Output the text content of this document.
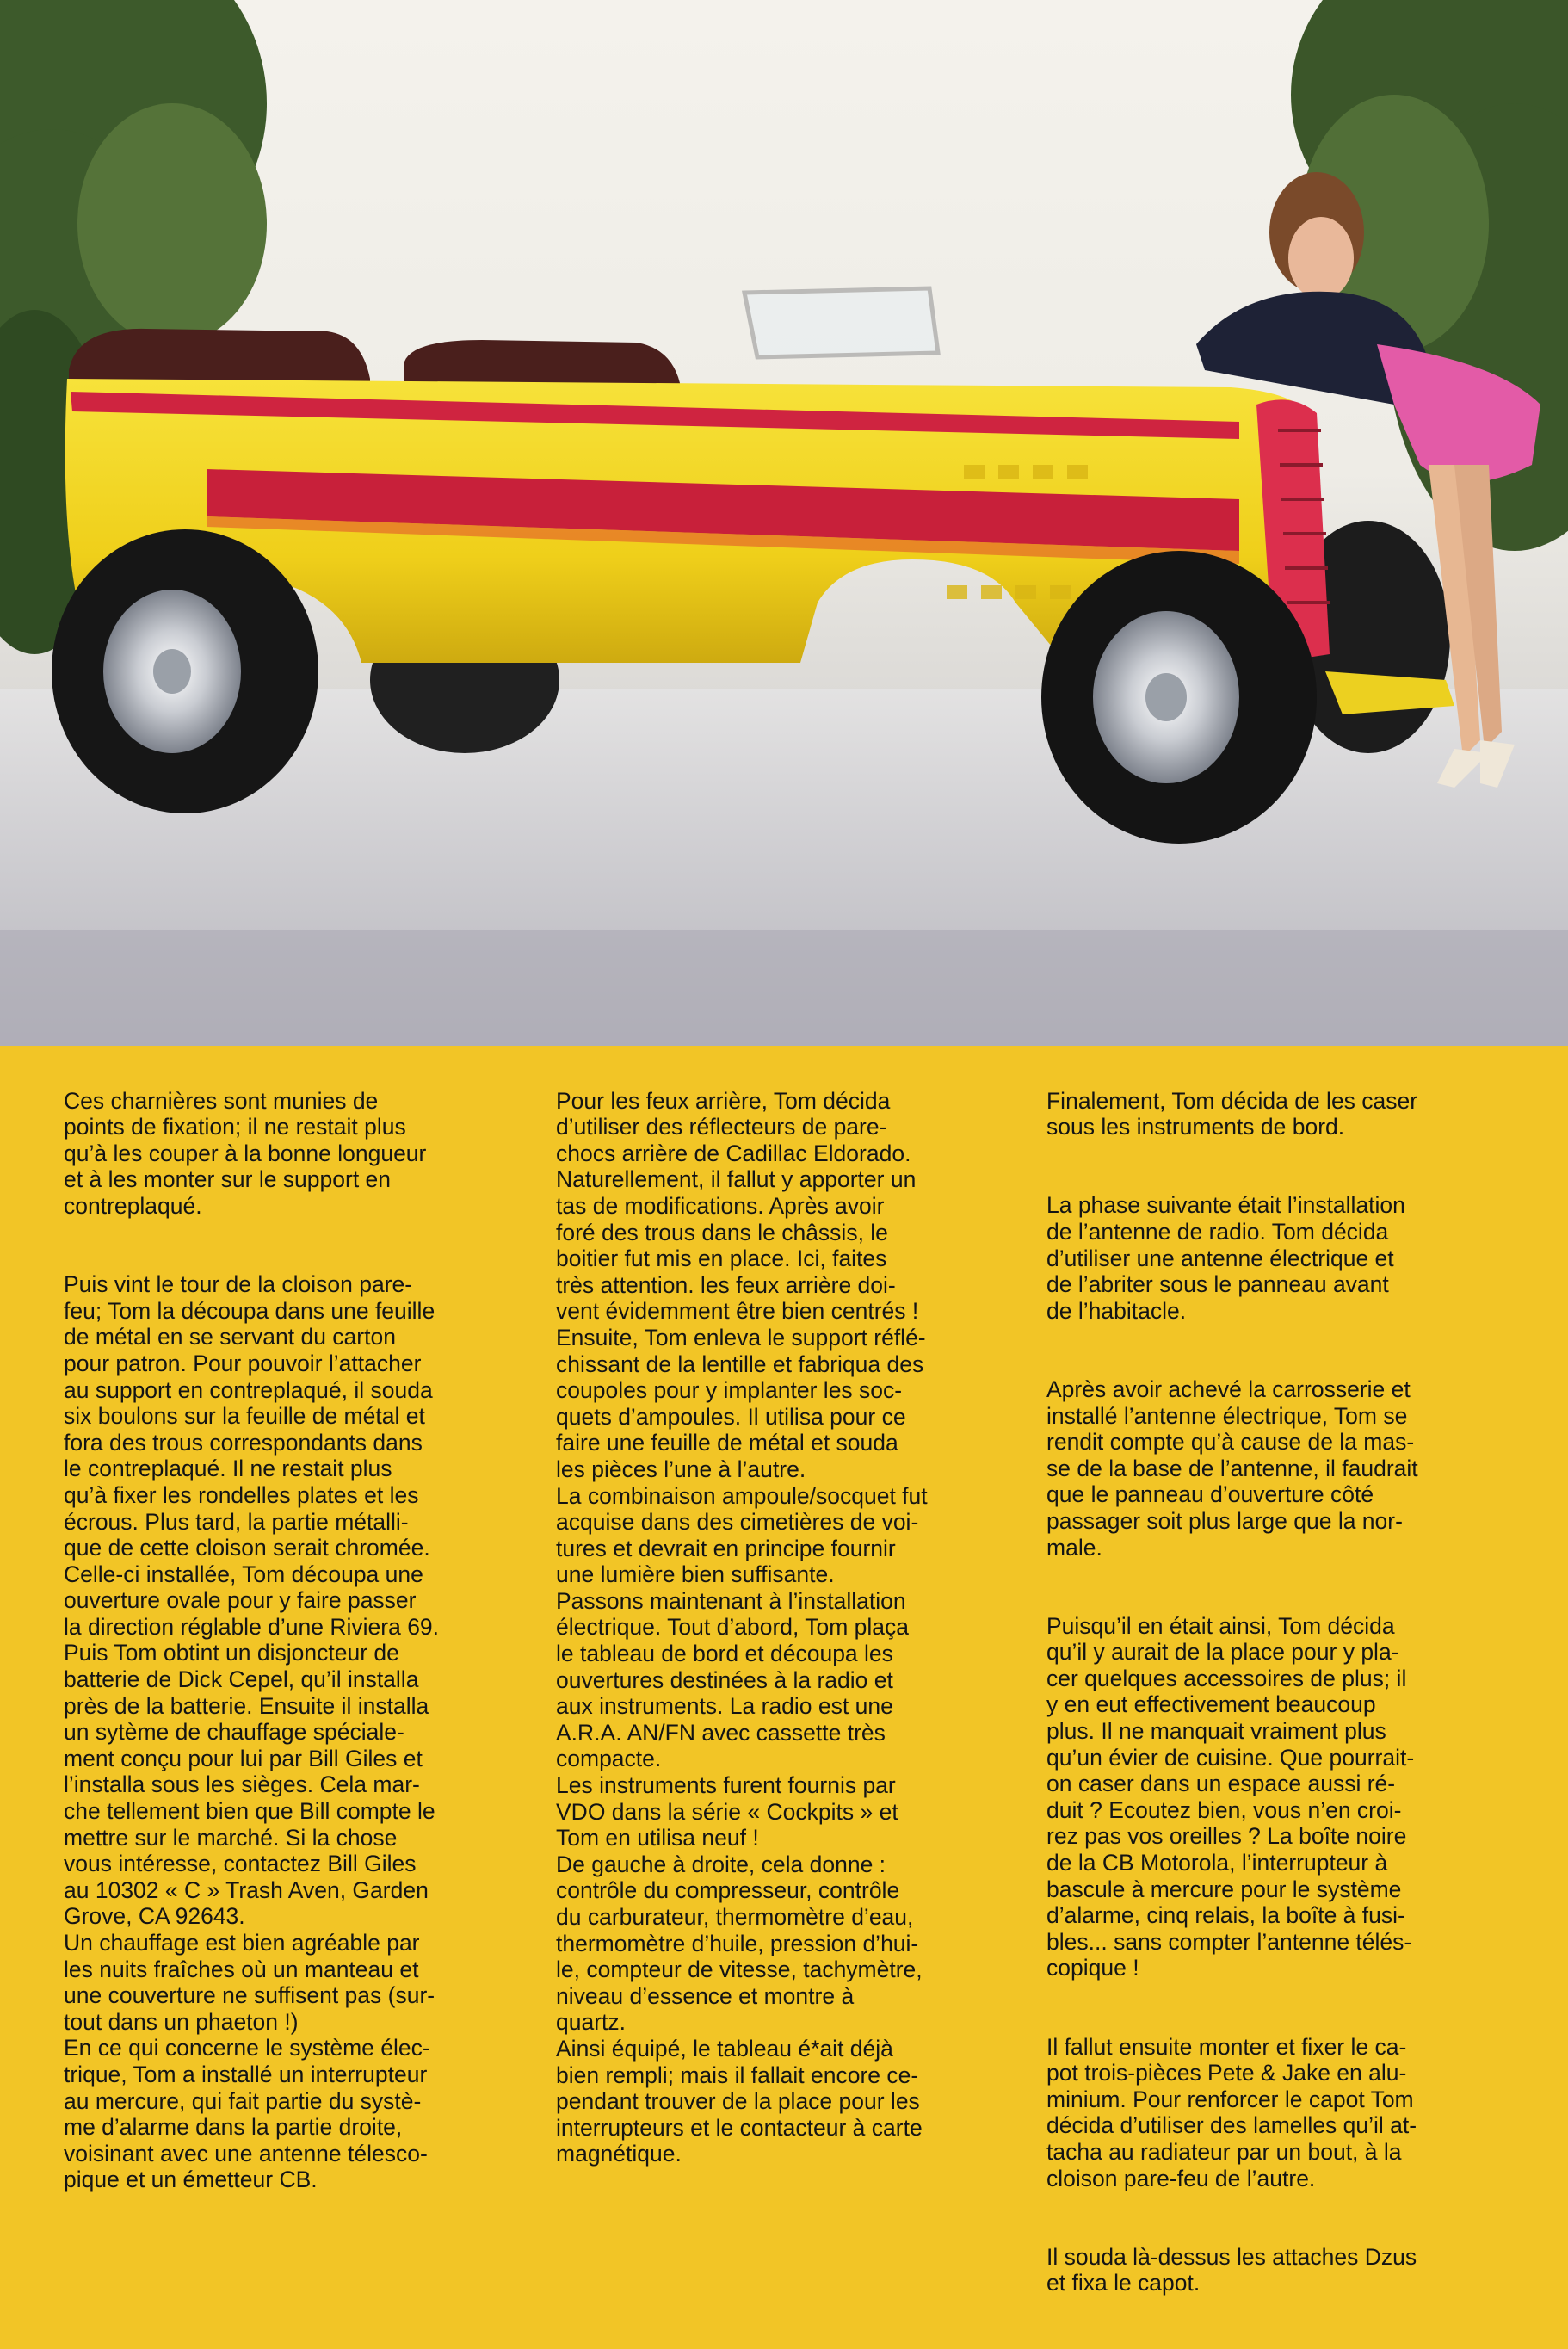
Ces charnières sont munies de
points de fixation; il ne restait plus
qu’à les couper à la bonne longueur
et à les monter sur le support en
contreplaqué.

Puis vint le tour de la cloison pare-
feu; Tom la découpa dans une feuille
de métal en se servant du carton
pour patron. Pour pouvoir l’attacher
au support en contreplaqué, il souda
six boulons sur la feuille de métal et
fora des trous correspondants dans
le contreplaqué. Il ne restait plus
qu’à fixer les rondelles plates et les
écrous. Plus tard, la partie métalli-
que de cette cloison serait chromée.
Celle-ci installée, Tom découpa une
ouverture ovale pour y faire passer
la direction réglable d’une Riviera 69.
Puis Tom obtint un disjoncteur de
batterie de Dick Cepel, qu’il installa
près de la batterie. Ensuite il installa
un sytème de chauffage spéciale-
ment conçu pour lui par Bill Giles et
l’installa sous les sièges. Cela mar-
che tellement bien que Bill compte le
mettre sur le marché. Si la chose
vous intéresse, contactez Bill Giles
au 10302 « C » Trash Aven, Garden
Grove, CA 92643.
Un chauffage est bien agréable par
les nuits fraîches où un manteau et
une couverture ne suffisent pas (sur-
tout dans un phaeton !)
En ce qui concerne le système élec-
trique, Tom a installé un interrupteur
au mercure, qui fait partie du systè-
me d’alarme dans la partie droite,
voisinant avec une antenne télesco-
pique et un émetteur CB.

Pour les feux arrière, Tom décida
d’utiliser des réflecteurs de pare-
chocs arrière de Cadillac Eldorado.
Naturellement, il fallut y apporter un
tas de modifications. Après avoir
foré des trous dans le châssis, le
boitier fut mis en place. Ici, faites
très attention. les feux arrière doi-
vent évidemment être bien centrés !
Ensuite, Tom enleva le support réflé-
chissant de la lentille et fabriqua des
coupoles pour y implanter les soc-
quets d’ampoules. Il utilisa pour ce
faire une feuille de métal et souda
les pièces l’une à l’autre.
La combinaison ampoule/socquet fut
acquise dans des cimetières de voi-
tures et devrait en principe fournir
une lumière bien suffisante.
Passons maintenant à l’installation
électrique. Tout d’abord, Tom plaça
le tableau de bord et découpa les
ouvertures destinées à la radio et
aux instruments. La radio est une
A.R.A. AN/FN avec cassette très
compacte.
Les instruments furent fournis par
VDO dans la série « Cockpits » et
Tom en utilisa neuf !
De gauche à droite, cela donne :
contrôle du compresseur, contrôle
du carburateur, thermomètre d’eau,
thermomètre d’huile, pression d’hui-
le, compteur de vitesse, tachymètre,
niveau d’essence et montre à
quartz.
Ainsi équipé, le tableau é*ait déjà
bien rempli; mais il fallait encore ce-
pendant trouver de la place pour les
interrupteurs et le contacteur à carte
magnétique.

Finalement, Tom décida de les caser
sous les instruments de bord.

La phase suivante était l’installation
de l’antenne de radio. Tom décida
d’utiliser une antenne électrique et
de l’abriter sous le panneau avant
de l’habitacle.

Après avoir achevé la carrosserie et
installé l’antenne électrique, Tom se
rendit compte qu’à cause de la mas-
se de la base de l’antenne, il faudrait
que le panneau d’ouverture côté
passager soit plus large que la nor-
male.

Puisqu’il en était ainsi, Tom décida
qu’il y aurait de la place pour y pla-
cer quelques accessoires de plus; il
y en eut effectivement beaucoup
plus. Il ne manquait vraiment plus
qu’un évier de cuisine. Que pourrait-
on caser dans un espace aussi ré-
duit ? Ecoutez bien, vous n’en croi-
rez pas vos oreilles ? La boîte noire
de la CB Motorola, l’interrupteur à
bascule à mercure pour le système
d’alarme, cinq relais, la boîte à fusi-
bles... sans compter l’antenne télés-
copique !

Il fallut ensuite monter et fixer le ca-
pot trois-pièces Pete & Jake en alu-
minium. Pour renforcer le capot Tom
décida d’utiliser des lamelles qu’il at-
tacha au radiateur par un bout, à la
cloison pare-feu de l’autre.

Il souda là-dessus les attaches Dzus
et fixa le capot.
